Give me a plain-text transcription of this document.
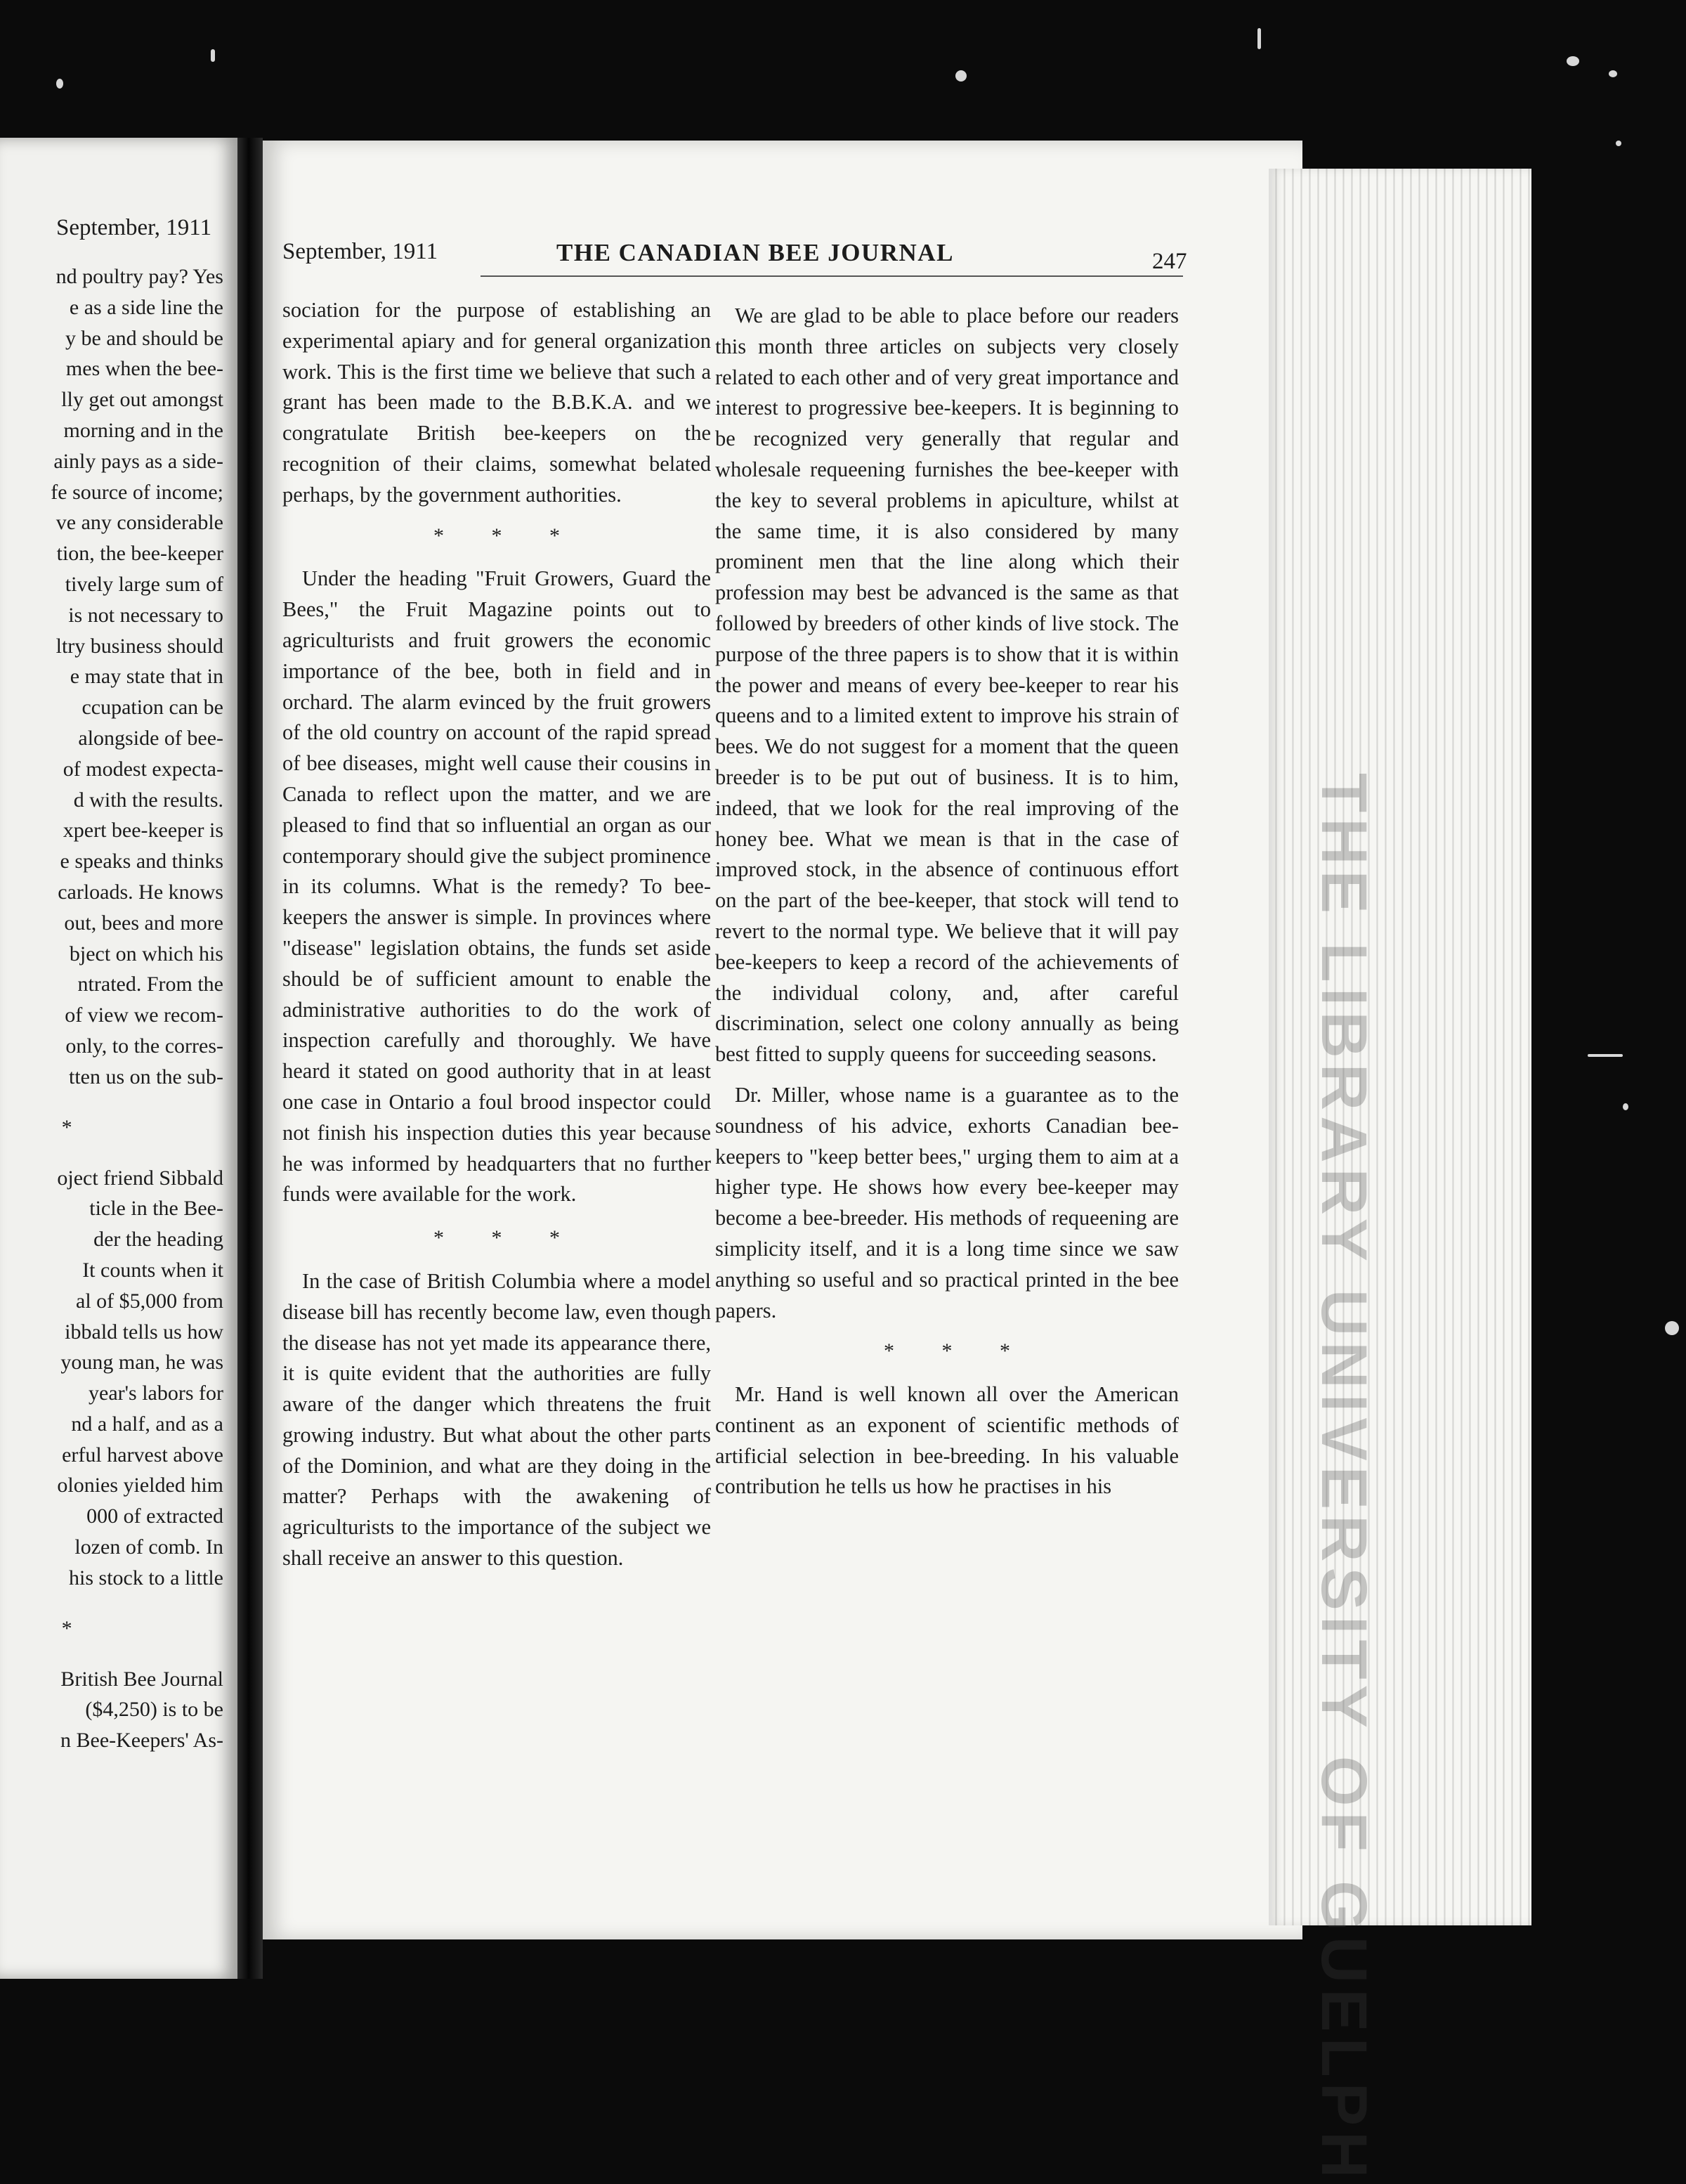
September, 1911
nd poultry pay? Yes
e as a side line the
y be and should be
mes when the bee-
lly get out amongst
morning and in the
ainly pays as a side-
fe source of income;
ve any considerable
tion, the bee-keeper
tively large sum of
is not necessary to
ltry business should
e may state that in
ccupation can be
alongside of bee-
of modest expecta-
d with the results.
xpert bee-keeper is
e speaks and thinks
carloads. He knows
out, bees and more
bject on which his
ntrated. From the
of view we recom-
only, to the corres-
tten us on the sub-
*
oject friend Sibbald
ticle in the Bee-
der the heading
It counts when it
al of $5,000 from
ibbald tells us how
young man, he was
year's labors for
nd a half, and as a
erful harvest above
olonies yielded him
000 of extracted
lozen of comb. In
his stock to a little
*
British Bee Journal
($4,250) is to be
n Bee-Keepers' As-
September, 1911	THE CANADIAN BEE JOURNAL	247

sociation for the purpose of establishing an experimental apiary and for general organization work. This is the first time we believe that such a grant has been made to the B.B.K.A. and we congratulate British bee-keepers on the recognition of their claims, somewhat belated perhaps, by the government authorities.

* * *

Under the heading "Fruit Growers, Guard the Bees," the Fruit Magazine points out to agriculturists and fruit growers the economic importance of the bee, both in field and in orchard. The alarm evinced by the fruit growers of the old country on account of the rapid spread of bee diseases, might well cause their cousins in Canada to reflect upon the matter, and we are pleased to find that so influential an organ as our contemporary should give the subject prominence in its columns. What is the remedy? To bee-keepers the answer is simple. In provinces where "disease" legislation obtains, the funds set aside should be of sufficient amount to enable the administrative authorities to do the work of inspection carefully and thoroughly. We have heard it stated on good authority that in at least one case in Ontario a foul brood inspector could not finish his inspection duties this year because he was informed by headquarters that no further funds were available for the work.

* * *

In the case of British Columbia where a model disease bill has recently become law, even though the disease has not yet made its appearance there, it is quite evident that the authorities are fully aware of the danger which threatens the fruit growing industry. But what about the other parts of the Dominion, and what are they doing in the matter? Perhaps with the awakening of agriculturists to the importance of the subject we shall receive an answer to this question.

We are glad to be able to place before our readers this month three articles on subjects very closely related to each other and of very great importance and interest to progressive bee-keepers. It is beginning to be recognized very generally that regular and wholesale requeening furnishes the bee-keeper with the key to several problems in apiculture, whilst at the same time, it is also considered by many prominent men that the line along which their profession may best be advanced is the same as that followed by breeders of other kinds of live stock. The purpose of the three papers is to show that it is within the power and means of every bee-keeper to rear his queens and to a limited extent to improve his strain of bees. We do not suggest for a moment that the queen breeder is to be put out of business. It is to him, indeed, that we look for the real improving of the honey bee. What we mean is that in the case of improved stock, in the absence of continuous effort on the part of the bee-keeper, that stock will tend to revert to the normal type. We believe that it will pay bee-keepers to keep a record of the achievements of the individual colony, and, after careful discrimination, select one colony annually as being best fitted to supply queens for succeeding seasons.

Dr. Miller, whose name is a guarantee as to the soundness of his advice, exhorts Canadian bee-keepers to "keep better bees," urging them to aim at a higher type. He shows how every bee-keeper may become a bee-breeder. His methods of requeening are simplicity itself, and it is a long time since we saw anything so useful and so practical printed in the bee papers.

* * *

Mr. Hand is well known all over the American continent as an exponent of scientific methods of artificial selection in bee-breeding. In his valuable contribution he tells us how he practises in his	THE LIBRARY UNIVERSITY OF GUELPH
